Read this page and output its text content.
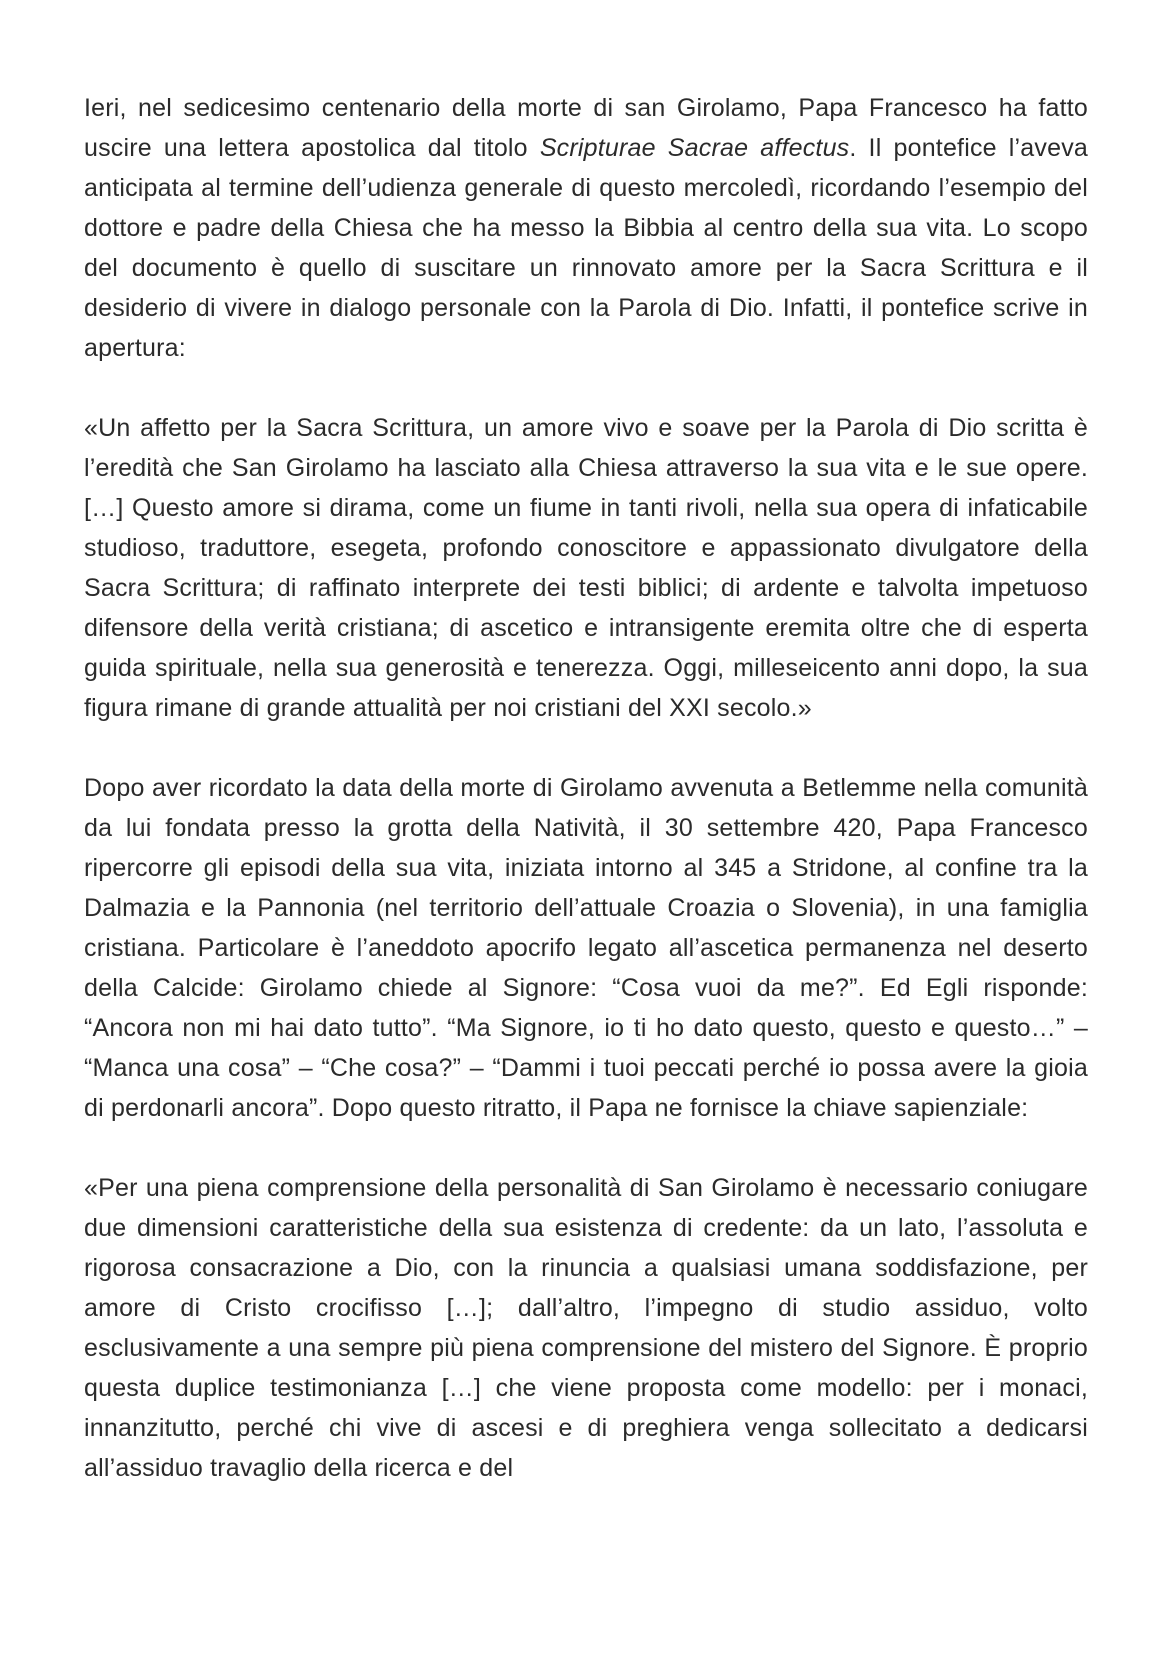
Ieri, nel sedicesimo centenario della morte di san Girolamo, Papa Francesco ha fatto uscire una lettera apostolica dal titolo Scripturae Sacrae affectus. Il pontefice l’aveva anticipata al termine dell’udienza generale di questo mercoledì, ricordando l’esempio del dottore e padre della Chiesa che ha messo la Bibbia al centro della sua vita. Lo scopo del documento è quello di suscitare un rinnovato amore per la Sacra Scrittura e il desiderio di vivere in dialogo personale con la Parola di Dio. Infatti, il pontefice scrive in apertura:

«Un affetto per la Sacra Scrittura, un amore vivo e soave per la Parola di Dio scritta è l’eredità che San Girolamo ha lasciato alla Chiesa attraverso la sua vita e le sue opere. […] Questo amore si dirama, come un fiume in tanti rivoli, nella sua opera di infaticabile studioso, traduttore, esegeta, profondo conoscitore e appassionato divulgatore della Sacra Scrittura; di raffinato interprete dei testi biblici; di ardente e talvolta impetuoso difensore della verità cristiana; di ascetico e intransigente eremita oltre che di esperta guida spirituale, nella sua generosità e tenerezza. Oggi, milleseicento anni dopo, la sua figura rimane di grande attualità per noi cristiani del XXI secolo.»

Dopo aver ricordato la data della morte di Girolamo avvenuta a Betlemme nella comunità da lui fondata presso la grotta della Natività, il 30 settembre 420, Papa Francesco ripercorre gli episodi della sua vita, iniziata intorno al 345 a Stridone, al confine tra la Dalmazia e la Pannonia (nel territorio dell’attuale Croazia o Slovenia), in una famiglia cristiana. Particolare è l’aneddoto apocrifo legato all’ascetica permanenza nel deserto della Calcide: Girolamo chiede al Signore: “Cosa vuoi da me?”. Ed Egli risponde: “Ancora non mi hai dato tutto”. “Ma Signore, io ti ho dato questo, questo e questo…” – “Manca una cosa” – “Che cosa?” – “Dammi i tuoi peccati perché io possa avere la gioia di perdonarli ancora”. Dopo questo ritratto, il Papa ne fornisce la chiave sapienziale:

«Per una piena comprensione della personalità di San Girolamo è necessario coniugare due dimensioni caratteristiche della sua esistenza di credente: da un lato, l’assoluta e rigorosa consacrazione a Dio, con la rinuncia a qualsiasi umana soddisfazione, per amore di Cristo crocifisso […]; dall’altro, l’impegno di studio assiduo, volto esclusivamente a una sempre più piena comprensione del mistero del Signore. È proprio questa duplice testimonianza […] che viene proposta come modello: per i monaci, innanzitutto, perché chi vive di ascesi e di preghiera venga sollecitato a dedicarsi all’assiduo travaglio della ricerca e del
